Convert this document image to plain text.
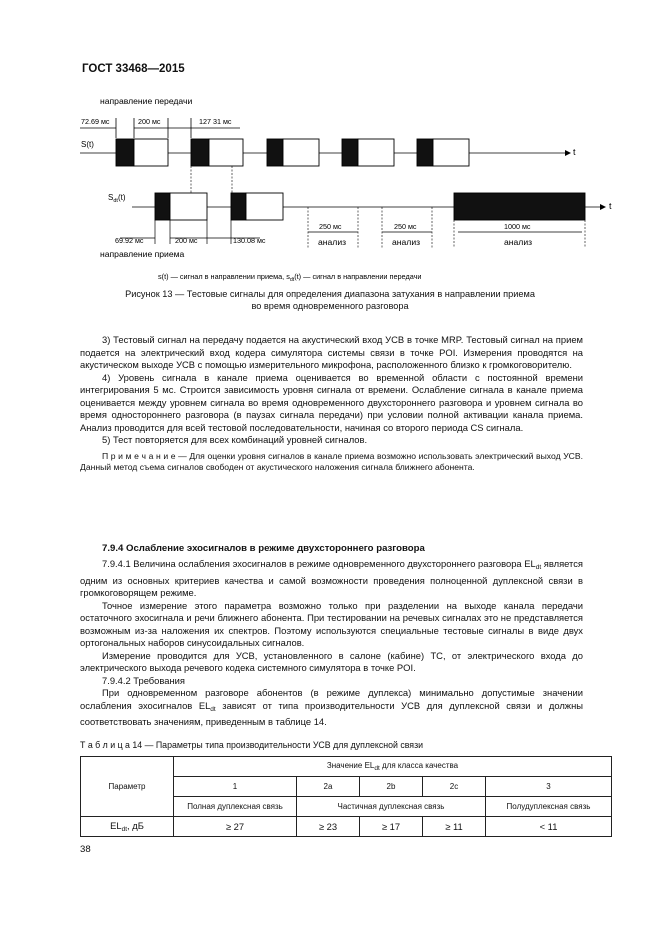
ГОСТ 33468—2015
направление передачи
72.69 мс	200 мс	127 31 мс
S(t)
t
$S_{dt}(t)$
t
69.92 мс	200 мс	130.08 мс
250 мс	250 мс	1000 мс
анализ	анализ	анализ
направление приема
s(t) — сигнал в направлении приема, $s_{dt}(t)$ — сигнал в направлении передачи
Рисунок 13 — Тестовые сигналы для определения диапазона затухания в направлении приема
во время одновременного разговора

3) Тестовый сигнал на передачу подается на акустический вход УСВ в точке MRP. Тестовый сигнал на прием подается на электрический вход кодера симулятора системы связи в точке POI. Измерения проводятся на акустическом выходе УСВ с помощью измерительного микрофона, расположенного близко к громкоговорителю.

4) Уровень сигнала в канале приема оценивается во временной области с постоянной времени интегрирования 5 мс. Строится зависимость уровня сигнала от времени. Ослабление сигнала в канале приема оценивается между уровнем сигнала во время одновременного двухстороннего разговора и уровнем сигнала во время одностороннего разговора (в паузах сигнала передачи) при условии полной активации канала приема. Анализ проводится для всей тестовой последовательности, начиная со второго периода CS сигнала.

5) Тест повторяется для всех комбинаций уровней сигналов.

П р и м е ч а н и е — Для оценки уровня сигналов в канале приема возможно использовать электрический выход УСВ. Данный метод съема сигналов свободен от акустического наложения сигнала ближнего абонента.

7.9.4 Ослабление эхосигналов в режиме двухстороннего разговора

7.9.4.1 Величина ослабления эхосигналов в режиме одновременного двухстороннего разговора $EL_{dt}$ является одним из основных критериев качества и самой возможности проведения полноценной дуплексной связи в громкоговорящем режиме.

Точное измерение этого параметра возможно только при разделении на выходе канала передачи остаточного эхосигнала и речи ближнего абонента. При тестировании на речевых сигналах это не представляется возможным из-за наложения их спектров. Поэтому используются специальные тестовые сигналы в виде двух ортогональных наборов синусоидальных сигналов.

Измерение проводится для УСВ, установленного в салоне (кабине) ТС, от электрического входа до электрического выхода речевого кодека системного симулятора в точке POI.

7.9.4.2 Требования

При одновременном разговоре абонентов (в режиме дуплекса) минимально допустимые значении ослабления эхосигналов $EL_{dt}$ зависят от типа производительности УСВ для дуплексной связи и должны соответствовать значениям, приведенным в таблице 14.

Т а б л и ц а 14 — Параметры типа производительности УСВ для дуплексной связи
Параметр	Значение $EL_{dt}$ для класса качества				
	1	2a	2b	2c	3
	Полная дуплексная связь	Частичная дуплексная связь			Полудуплексная связь
$EL_{dt}$, дБ	≥ 27	≥ 23	≥ 17	≥ 11	< 11
38
